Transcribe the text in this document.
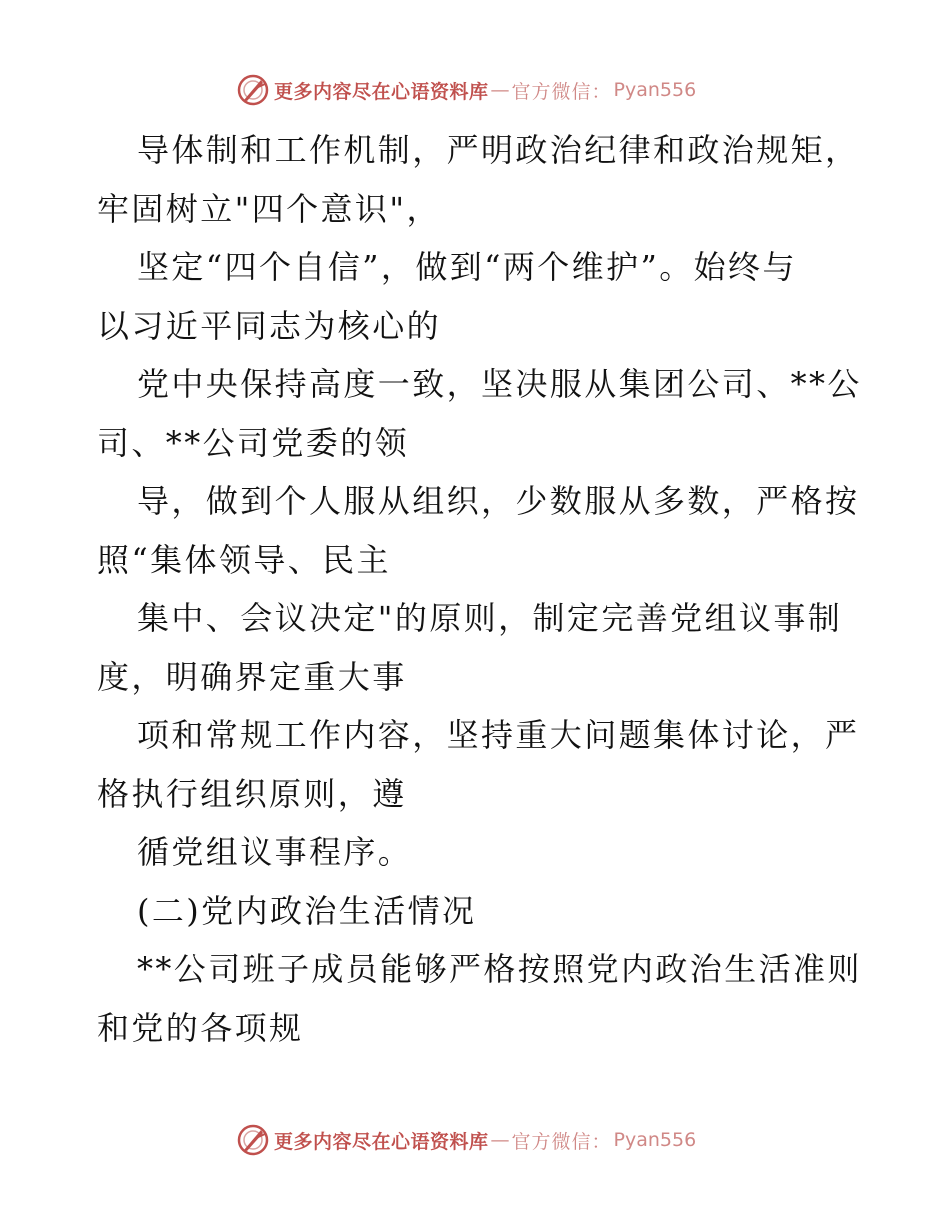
更多内容尽在心语资料库 — 官方微信： Pyan556

导体制和工作机制，严明政治纪律和政治规矩，
牢固树立"四个意识"，

坚定“四个自信”，做到“两个维护”。始终与
以习近平同志为核心的

党中央保持高度一致，坚决服从集团公司、**公
司、**公司党委的领

导，做到个人服从组织，少数服从多数，严格按
照“集体领导、民主

集中、会议决定"的原则，制定完善党组议事制
度，明确界定重大事

项和常规工作内容，坚持重大问题集体讨论，严
格执行组织原则，遵

循党组议事程序。

(二)党内政治生活情况

**公司班子成员能够严格按照党内政治生活准则
和党的各项规

更多内容尽在心语资料库 — 官方微信： Pyan556
